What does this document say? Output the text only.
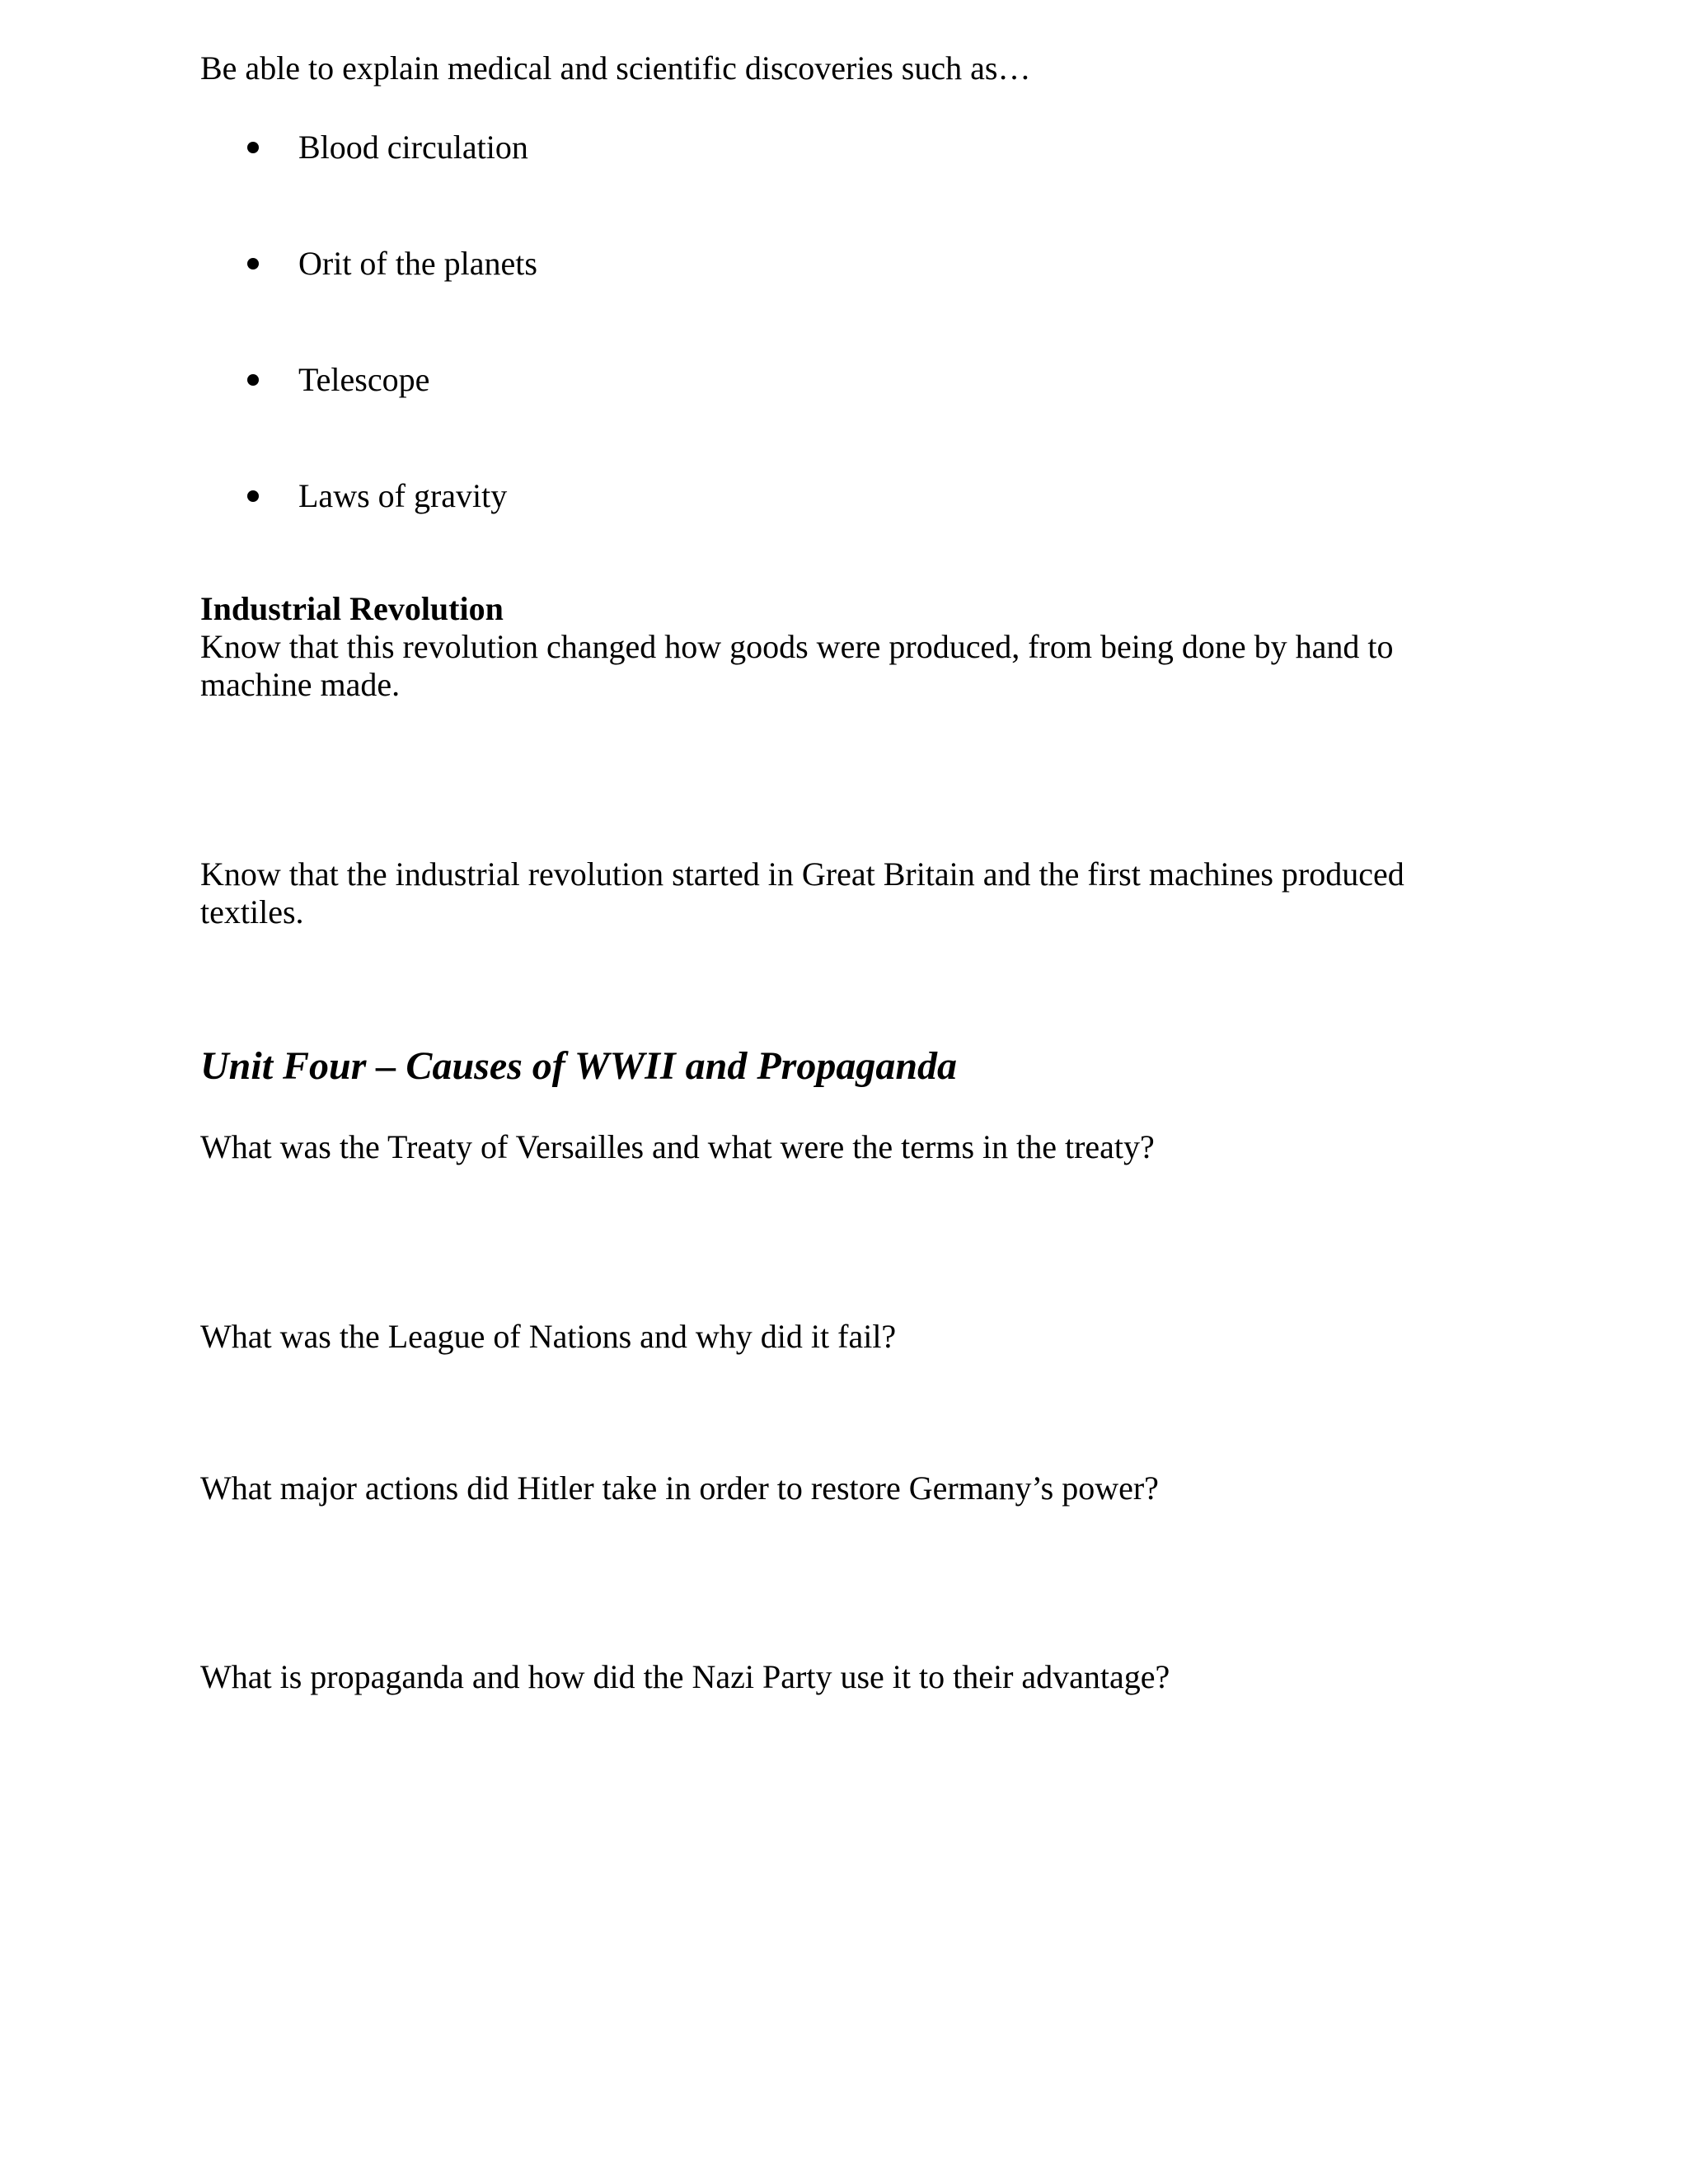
Be able to explain medical and scientific discoveries such as…
Blood circulation
Orit of the planets
Telescope
Laws of gravity
Industrial Revolution
Know that this revolution changed how goods were produced, from being done by hand to
machine made.
Know that the industrial revolution started in Great Britain and the first machines produced
textiles.
Unit Four – Causes of WWII and Propaganda
What was the Treaty of Versailles and what were the terms in the treaty?
What was the League of Nations and why did it fail?
What major actions did Hitler take in order to restore Germany’s power?
What is propaganda and how did the Nazi Party use it to their advantage?
